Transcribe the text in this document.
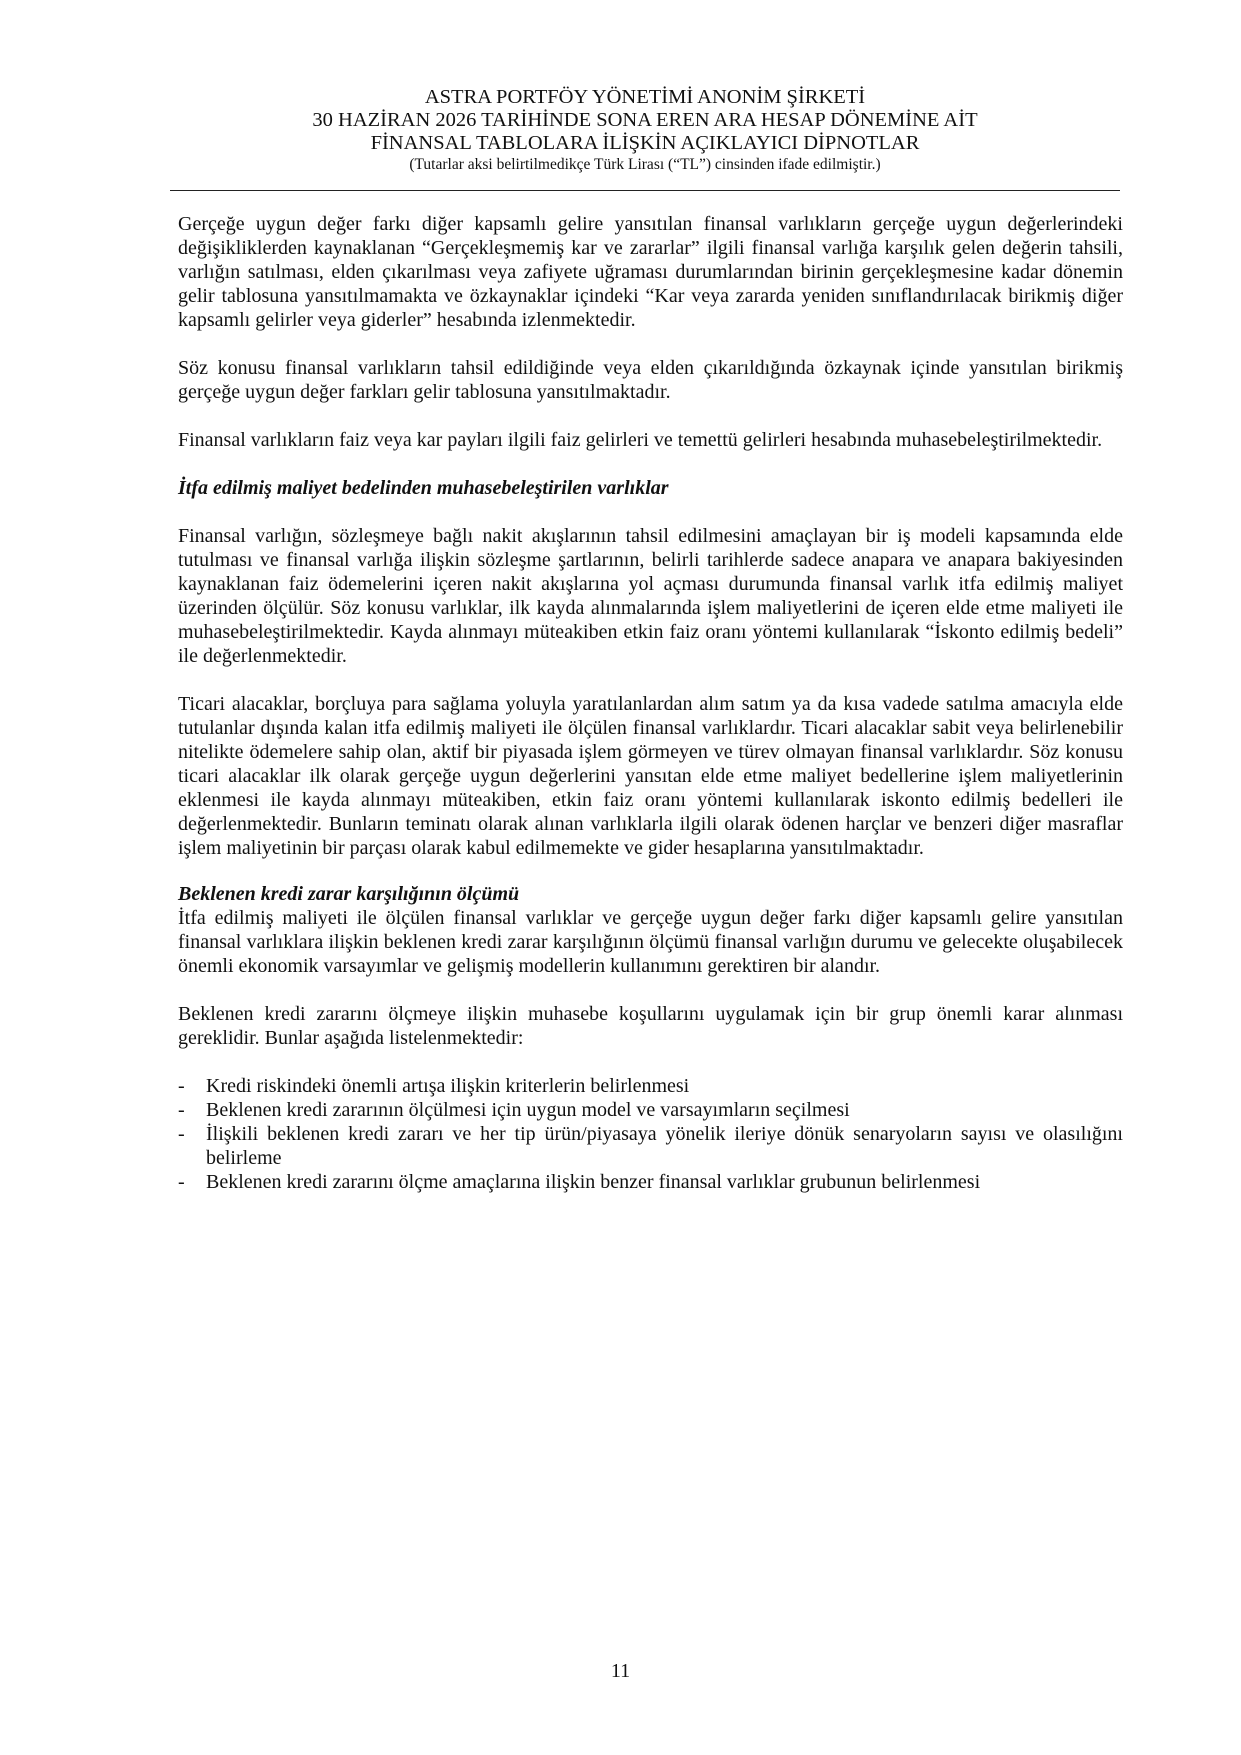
ASTRA PORTFÖY YÖNETİMİ ANONİM ŞİRKETİ
30 HAZİRAN 2026 TARİHİNDE SONA EREN ARA HESAP DÖNEMİNE AİT
FİNANSAL TABLOLARA İLİŞKİN AÇIKLAYICI DİPNOTLAR
(Tutarlar aksi belirtilmedikçe Türk Lirası (“TL”) cinsinden ifade edilmiştir.)

Gerçeğe uygun değer farkı diğer kapsamlı gelire yansıtılan finansal varlıkların gerçeğe uygun değerlerindeki değişikliklerden kaynaklanan “Gerçekleşmemiş kar ve zararlar” ilgili finansal varlığa karşılık gelen değerin tahsili, varlığın satılması, elden çıkarılması veya zafiyete uğraması durumlarından birinin gerçekleşmesine kadar dönemin gelir tablosuna yansıtılmamakta ve özkaynaklar içindeki “Kar veya zararda yeniden sınıflandırılacak birikmiş diğer kapsamlı gelirler veya giderler” hesabında izlenmektedir.

Söz konusu finansal varlıkların tahsil edildiğinde veya elden çıkarıldığında özkaynak içinde yansıtılan birikmiş gerçeğe uygun değer farkları gelir tablosuna yansıtılmaktadır.

Finansal varlıkların faiz veya kar payları ilgili faiz gelirleri ve temettü gelirleri hesabında muhasebeleştirilmektedir.

İtfa edilmiş maliyet bedelinden muhasebeleştirilen varlıklar

Finansal varlığın, sözleşmeye bağlı nakit akışlarının tahsil edilmesini amaçlayan bir iş modeli kapsamında elde tutulması ve finansal varlığa ilişkin sözleşme şartlarının, belirli tarihlerde sadece anapara ve anapara bakiyesinden kaynaklanan faiz ödemelerini içeren nakit akışlarına yol açması durumunda finansal varlık itfa edilmiş maliyet üzerinden ölçülür. Söz konusu varlıklar, ilk kayda alınmalarında işlem maliyetlerini de içeren elde etme maliyeti ile muhasebeleştirilmektedir. Kayda alınmayı müteakiben etkin faiz oranı yöntemi kullanılarak “İskonto edilmiş bedeli” ile değerlenmektedir.

Ticari alacaklar, borçluya para sağlama yoluyla yaratılanlardan alım satım ya da kısa vadede satılma amacıyla elde tutulanlar dışında kalan itfa edilmiş maliyeti ile ölçülen finansal varlıklardır. Ticari alacaklar sabit veya belirlenebilir nitelikte ödemelere sahip olan, aktif bir piyasada işlem görmeyen ve türev olmayan finansal varlıklardır. Söz konusu ticari alacaklar ilk olarak gerçeğe uygun değerlerini yansıtan elde etme maliyet bedellerine işlem maliyetlerinin eklenmesi ile kayda alınmayı müteakiben, etkin faiz oranı yöntemi kullanılarak iskonto edilmiş bedelleri ile değerlenmektedir. Bunların teminatı olarak alınan varlıklarla ilgili olarak ödenen harçlar ve benzeri diğer masraflar işlem maliyetinin bir parçası olarak kabul edilmemekte ve gider hesaplarına yansıtılmaktadır.

Beklenen kredi zarar karşılığının ölçümü

İtfa edilmiş maliyeti ile ölçülen finansal varlıklar ve gerçeğe uygun değer farkı diğer kapsamlı gelire yansıtılan finansal varlıklara ilişkin beklenen kredi zarar karşılığının ölçümü finansal varlığın durumu ve gelecekte oluşabilecek önemli ekonomik varsayımlar ve gelişmiş modellerin kullanımını gerektiren bir alandır.

Beklenen kredi zararını ölçmeye ilişkin muhasebe koşullarını uygulamak için bir grup önemli karar alınması gereklidir. Bunlar aşağıda listelenmektedir:

- Kredi riskindeki önemli artışa ilişkin kriterlerin belirlenmesi
- Beklenen kredi zararının ölçülmesi için uygun model ve varsayımların seçilmesi
- İlişkili beklenen kredi zararı ve her tip ürün/piyasaya yönelik ileriye dönük senaryoların sayısı ve olasılığını belirleme
- Beklenen kredi zararını ölçme amaçlarına ilişkin benzer finansal varlıklar grubunun belirlenmesi
11
